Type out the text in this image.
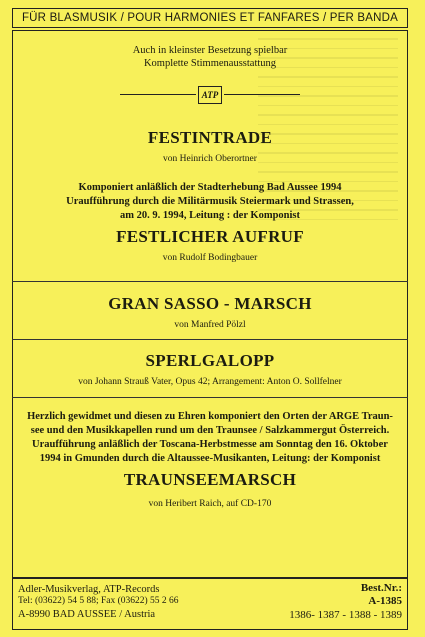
FÜR BLASMUSIK / POUR HARMONIES ET FANFARES / PER BANDA
Auch in kleinster Besetzung spielbar
Komplette Stimmenausstattung
ATP
FESTINTRADE
von Heinrich Oberortner
Komponiert anläßlich der Stadterhebung Bad Aussee 1994
Uraufführung durch die Militärmusik Steiermark und Strassen,
am 20. 9. 1994, Leitung : der Komponist
FESTLICHER AUFRUF
von Rudolf Bodingbauer
GRAN SASSO - MARSCH
von Manfred Pölzl
SPERLGALOPP
von Johann Strauß Vater, Opus 42; Arrangement: Anton O. Sollfelner
Herzlich gewidmet und diesen zu Ehren komponiert den Orten der ARGE Traun-
see und den Musikkapellen rund um den Traunsee / Salzkammergut Österreich.
Uraufführung anläßlich der Toscana-Herbstmesse am Sonntag den 16. Oktober
1994 in Gmunden durch die Altaussee-Musikanten, Leitung: der Komponist
TRAUNSEEMARSCH
von Heribert Raich, auf CD-170
Adler-Musikverlag, ATP-Records
Tel: (03622) 54 5 88; Fax (03622) 55 2 66
A-8990 BAD AUSSEE / Austria
Best.Nr.:
A-1385
1386- 1387 - 1388 - 1389
